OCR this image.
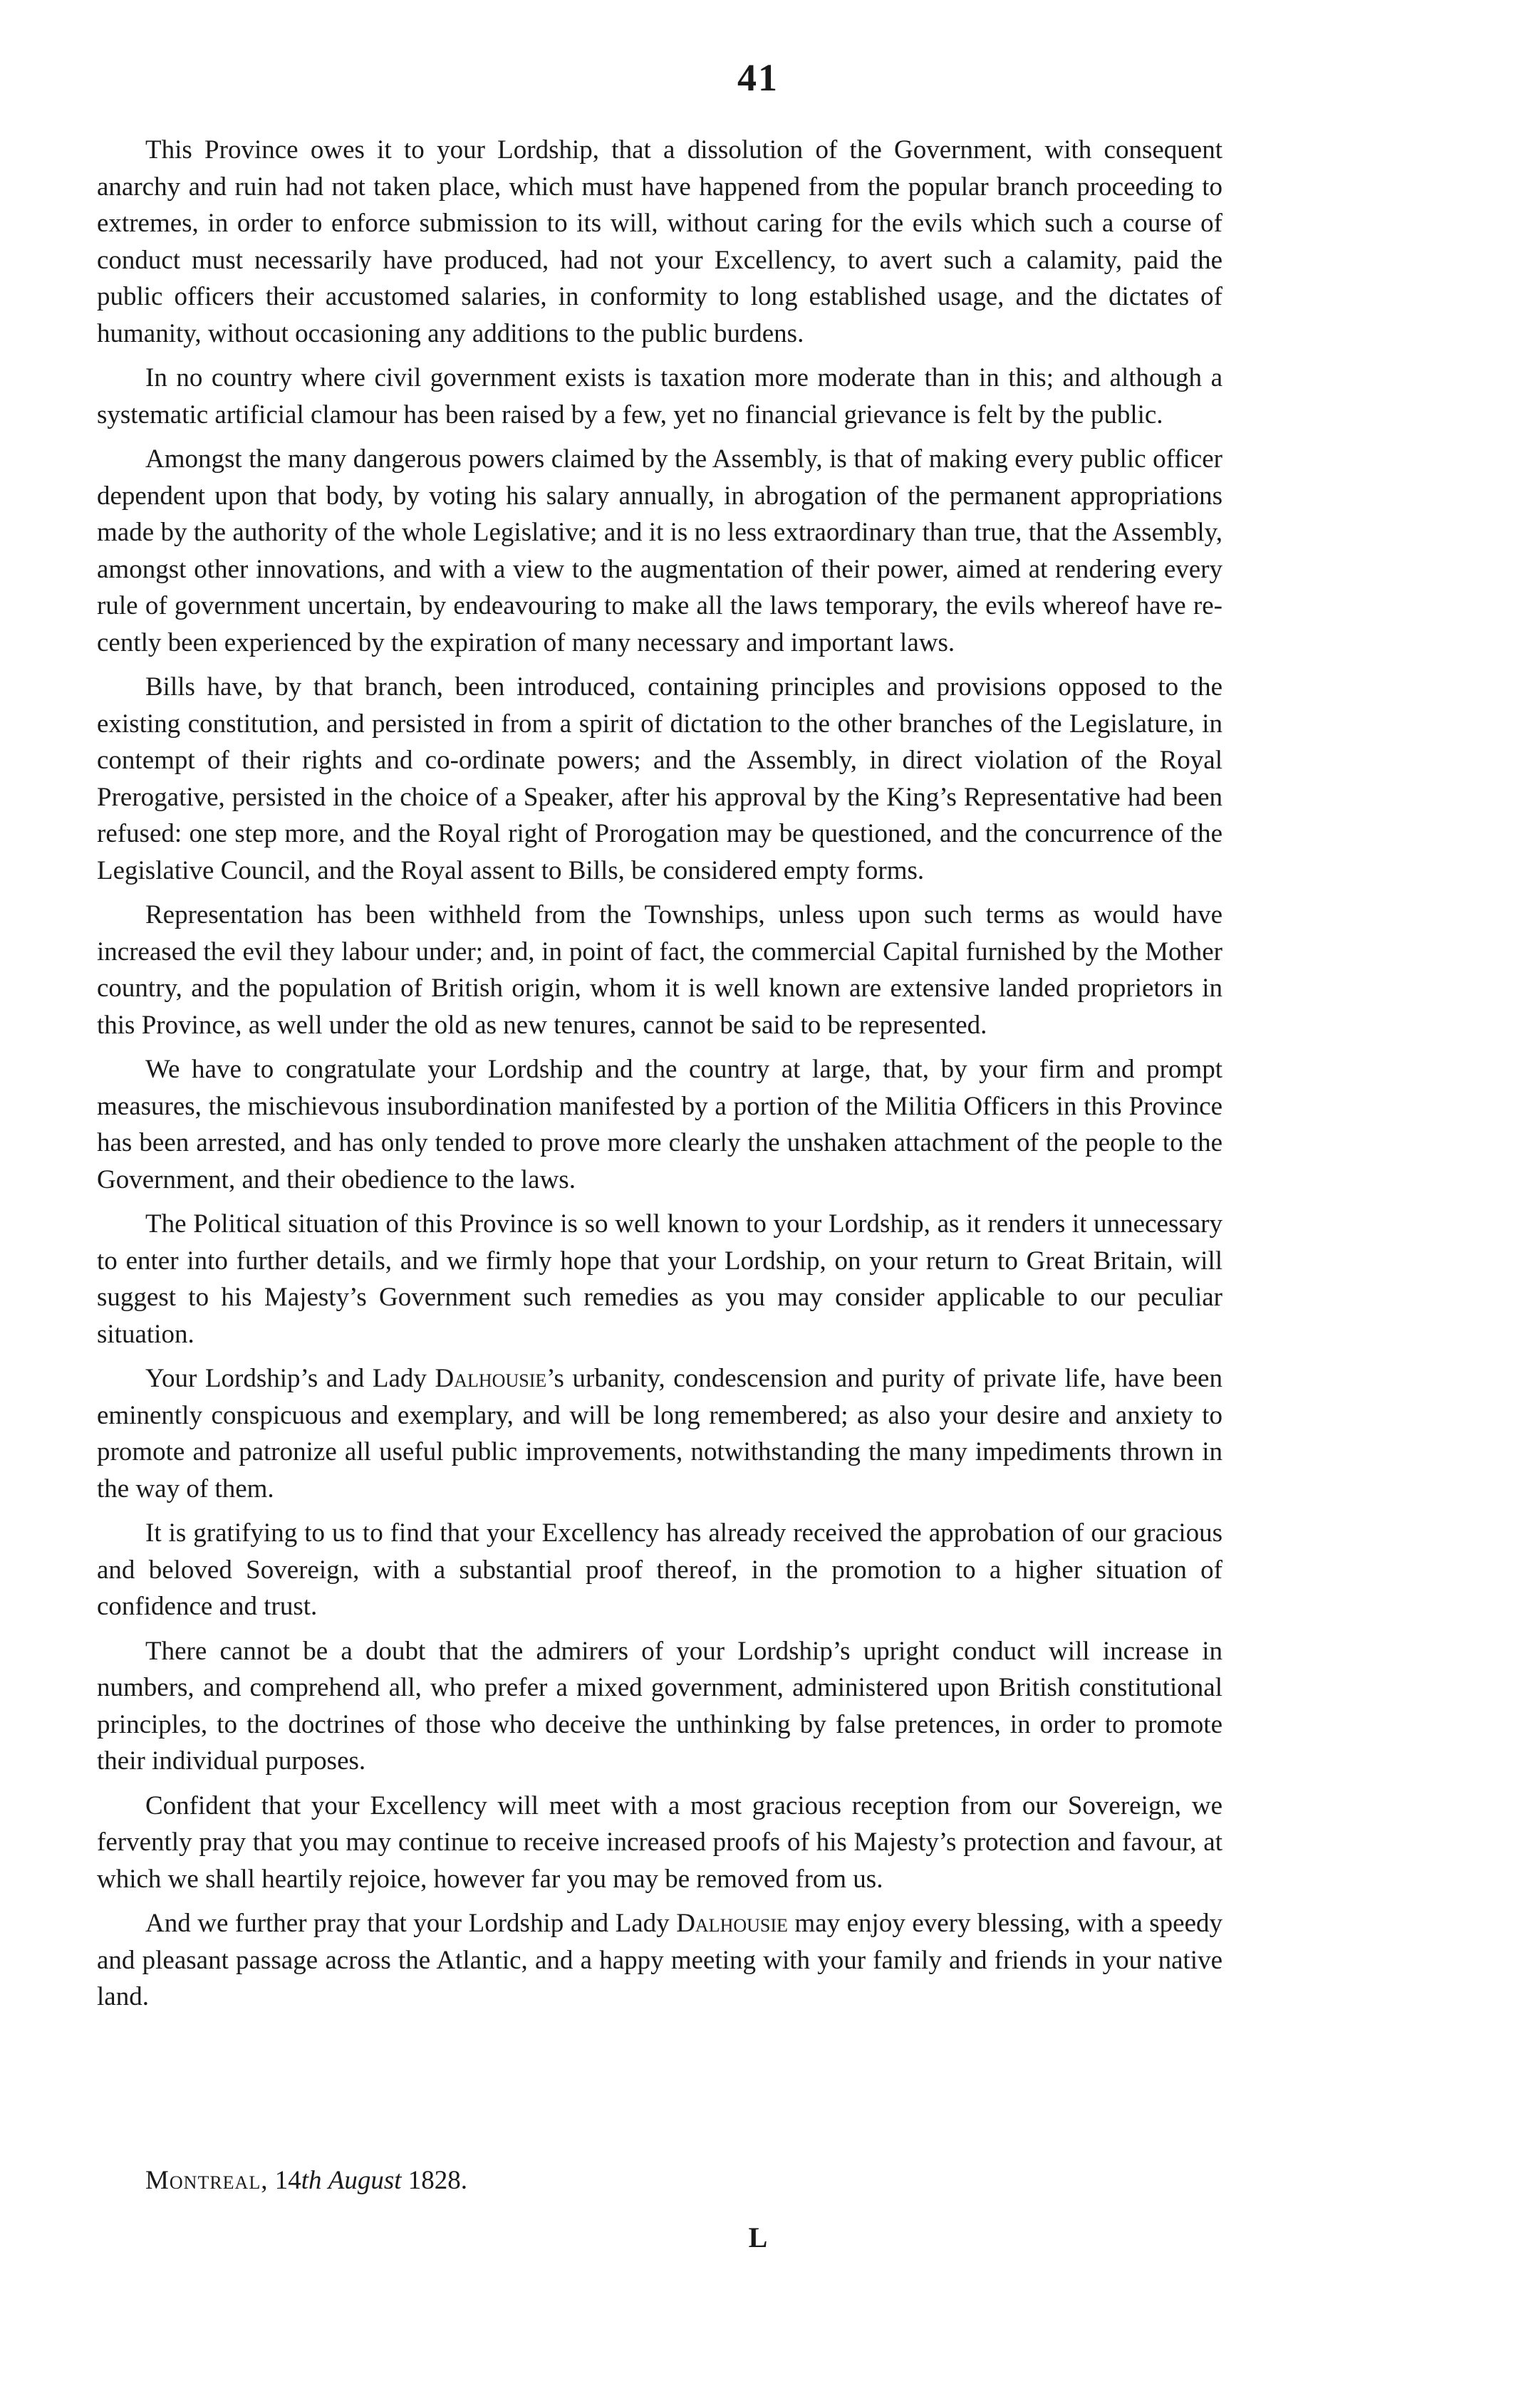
41

This Province owes it to your Lordship, that a dissolution of the Government, with consequent anarchy and ruin had not taken place, which must have happened from the popular branch proceeding to extremes, in order to enforce submission to its will, without caring for the evils which such a course of conduct must necessarily have produced, had not your Excellency, to avert such a calamity, paid the public officers their accustomed salaries, in conformity to long established usage, and the dictates of humanity, without occasioning any additions to the public burdens.

In no country where civil government exists is taxation more moderate than in this; and although a systematic artificial clamour has been raised by a few, yet no financial grievance is felt by the public.

Amongst the many dangerous powers claimed by the Assembly, is that of making every public officer dependent upon that body, by voting his salary annually, in abrogation of the permanent appropriations made by the authority of the whole Legislative; and it is no less extraordinary than true, that the Assembly, amongst other innovations, and with a view to the augmentation of their power, aimed at rendering every rule of government uncertain, by endeavouring to make all the laws temporary, the evils whereof have recently been experienced by the expiration of many necessary and important laws.

Bills have, by that branch, been introduced, containing principles and provisions opposed to the existing constitution, and persisted in from a spirit of dictation to the other branches of the Legislature, in contempt of their rights and co-ordinate powers; and the Assembly, in direct violation of the Royal Prerogative, persisted in the choice of a Speaker, after his approval by the King’s Representative had been refused: one step more, and the Royal right of Prorogation may be questioned, and the concurrence of the Legislative Council, and the Royal assent to Bills, be considered empty forms.

Representation has been withheld from the Townships, unless upon such terms as would have increased the evil they labour under; and, in point of fact, the commercial Capital furnished by the Mother country, and the population of British origin, whom it is well known are extensive landed proprietors in this Province, as well under the old as new tenures, cannot be said to be represented.

We have to congratulate your Lordship and the country at large, that, by your firm and prompt measures, the mischievous insubordination manifested by a portion of the Militia Officers in this Province has been arrested, and has only tended to prove more clearly the unshaken attachment of the people to the Government, and their obedience to the laws.

The Political situation of this Province is so well known to your Lordship, as it renders it unnecessary to enter into further details, and we firmly hope that your Lordship, on your return to Great Britain, will suggest to his Majesty’s Government such remedies as you may consider applicable to our peculiar situation.

Your Lordship’s and Lady Dalhousie’s urbanity, condescension and purity of private life, have been eminently conspicuous and exemplary, and will be long remembered; as also your desire and anxiety to promote and patronize all useful public improvements, notwithstanding the many impediments thrown in the way of them.

It is gratifying to us to find that your Excellency has already received the approbation of our gracious and beloved Sovereign, with a substantial proof thereof, in the promotion to a higher situation of confidence and trust.

There cannot be a doubt that the admirers of your Lordship’s upright conduct will increase in numbers, and comprehend all, who prefer a mixed government, administered upon British constitutional principles, to the doctrines of those who deceive the unthinking by false pretences, in order to promote their individual purposes.

Confident that your Excellency will meet with a most gracious reception from our Sovereign, we fervently pray that you may continue to receive increased proofs of his Majesty’s protection and favour, at which we shall heartily rejoice, however far you may be removed from us.

And we further pray that your Lordship and Lady Dalhousie may enjoy every blessing, with a speedy and pleasant passage across the Atlantic, and a happy meeting with your family and friends in your native land.

Montreal, 14th August 1828.
L
